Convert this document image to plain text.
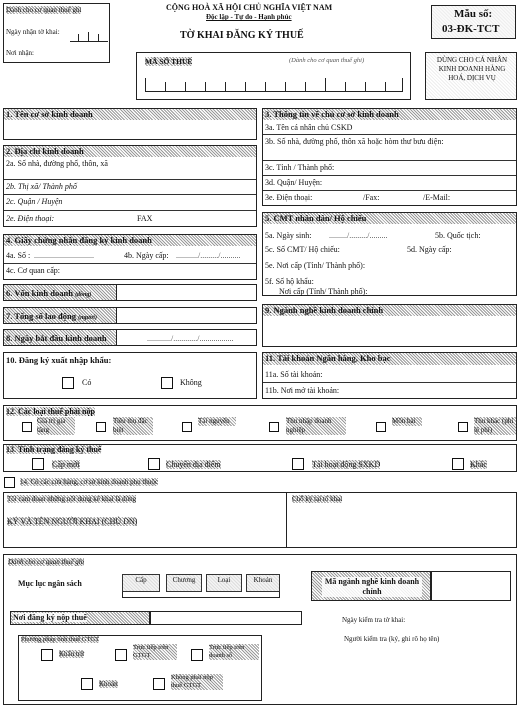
Dành cho cơ quan thuế ghi
Ngày nhận tờ khai:
Nơi nhận:
CỘNG HOÀ XÃ HỘI CHỦ NGHĨA VIỆT NAM
Độc lập - Tự do - Hạnh phúc
TỜ KHAI ĐĂNG KÝ THUẾ
Mẫu số:
03-ĐK-TCT
MÃ SỐ THUẾ	(Dành cho cơ quan thuế ghi)	DÙNG CHO CÁ NHÂN KINH DOANH HÀNG HOÁ, DỊCH VỤ
1. Tên cơ sở kinh doanh
2. Địa chỉ kinh doanh
2a. Số nhà, đường phố, thôn, xã
2b. Thị xã/ Thành phố
2c. Quận / Huyện
2e. Điện thoại:	FAX
4. Giấy chứng nhận đăng ký kinh doanh
4a. Số : ..............................	4b. Ngày cấp: .........../........./..........
4c. Cơ quan cấp:
6. Vốn kinh doanh (đồng)
7. Tổng số lao động (người)
8. Ngày bắt đầu kinh doanh	............/............/.................
10. Đăng ký xuất nhập khẩu:
Có	Không
3. Thông tin về chủ cơ sở kinh doanh
3a. Tên cá nhân chủ CSKD
3b. Số nhà, đường phố, thôn xã hoặc hòm thư bưu điện:
3c. Tỉnh / Thành phố:
3d. Quận/ Huyện:
3e. Điện thoại:	/Fax:	/E-Mail:
5. CMT nhân dân/ Hộ chiếu
5a. Ngày sinh: ........./........./.........	5b. Quốc tịch:
5c. Số CMT/ Hộ chiếu:	5d. Ngày cấp:
5e. Nơi cấp (Tỉnh/ Thành phố):
5f. Số hộ khẩu:
Nơi cấp (Tỉnh/ Thành phố):
9. Ngành nghề kinh doanh chính
11. Tài khoản Ngân hàng, Kho bạc
11a. Số tài khoản:
11b. Nơi mở tài khoản:
12. Các loại thuế phải nộp
Giá trị gia tăng
Tiêu thụ đặc biệt
Tài nguyên	Thu nhập doanh nghiệp
Môn bài	Thu khác (phí lệ phí)
13. Tình trạng đăng ký thuế
Cấp mới	Chuyển địa điểm	Tái hoạt động SXKD	Khác
14. Có các cửa hàng, cơ sở kinh doanh phụ thuộc
Tôi cam đoan những nội dung kê khai là đúng
KÝ VÀ TÊN NGƯỜI KHAI (CHỦ DN)
Chỗ ký tại tổ khai
Dành cho cơ quan thuế ghi
Mục lục ngân sách	Cấp	Chương	Loại	Khoản	Mã ngành nghề kinh doanh chính
Nơi đăng ký nộp thuế	Ngày kiểm tra tờ khai:
Người kiểm tra (ký, ghi rõ họ tên)
Phương pháp tính thuế GTGT
Khấu trừ
Trực tiếp trên GTGT
Trực tiếp trên doanh số
Khoán
Không phải nộp thuế GTGT
